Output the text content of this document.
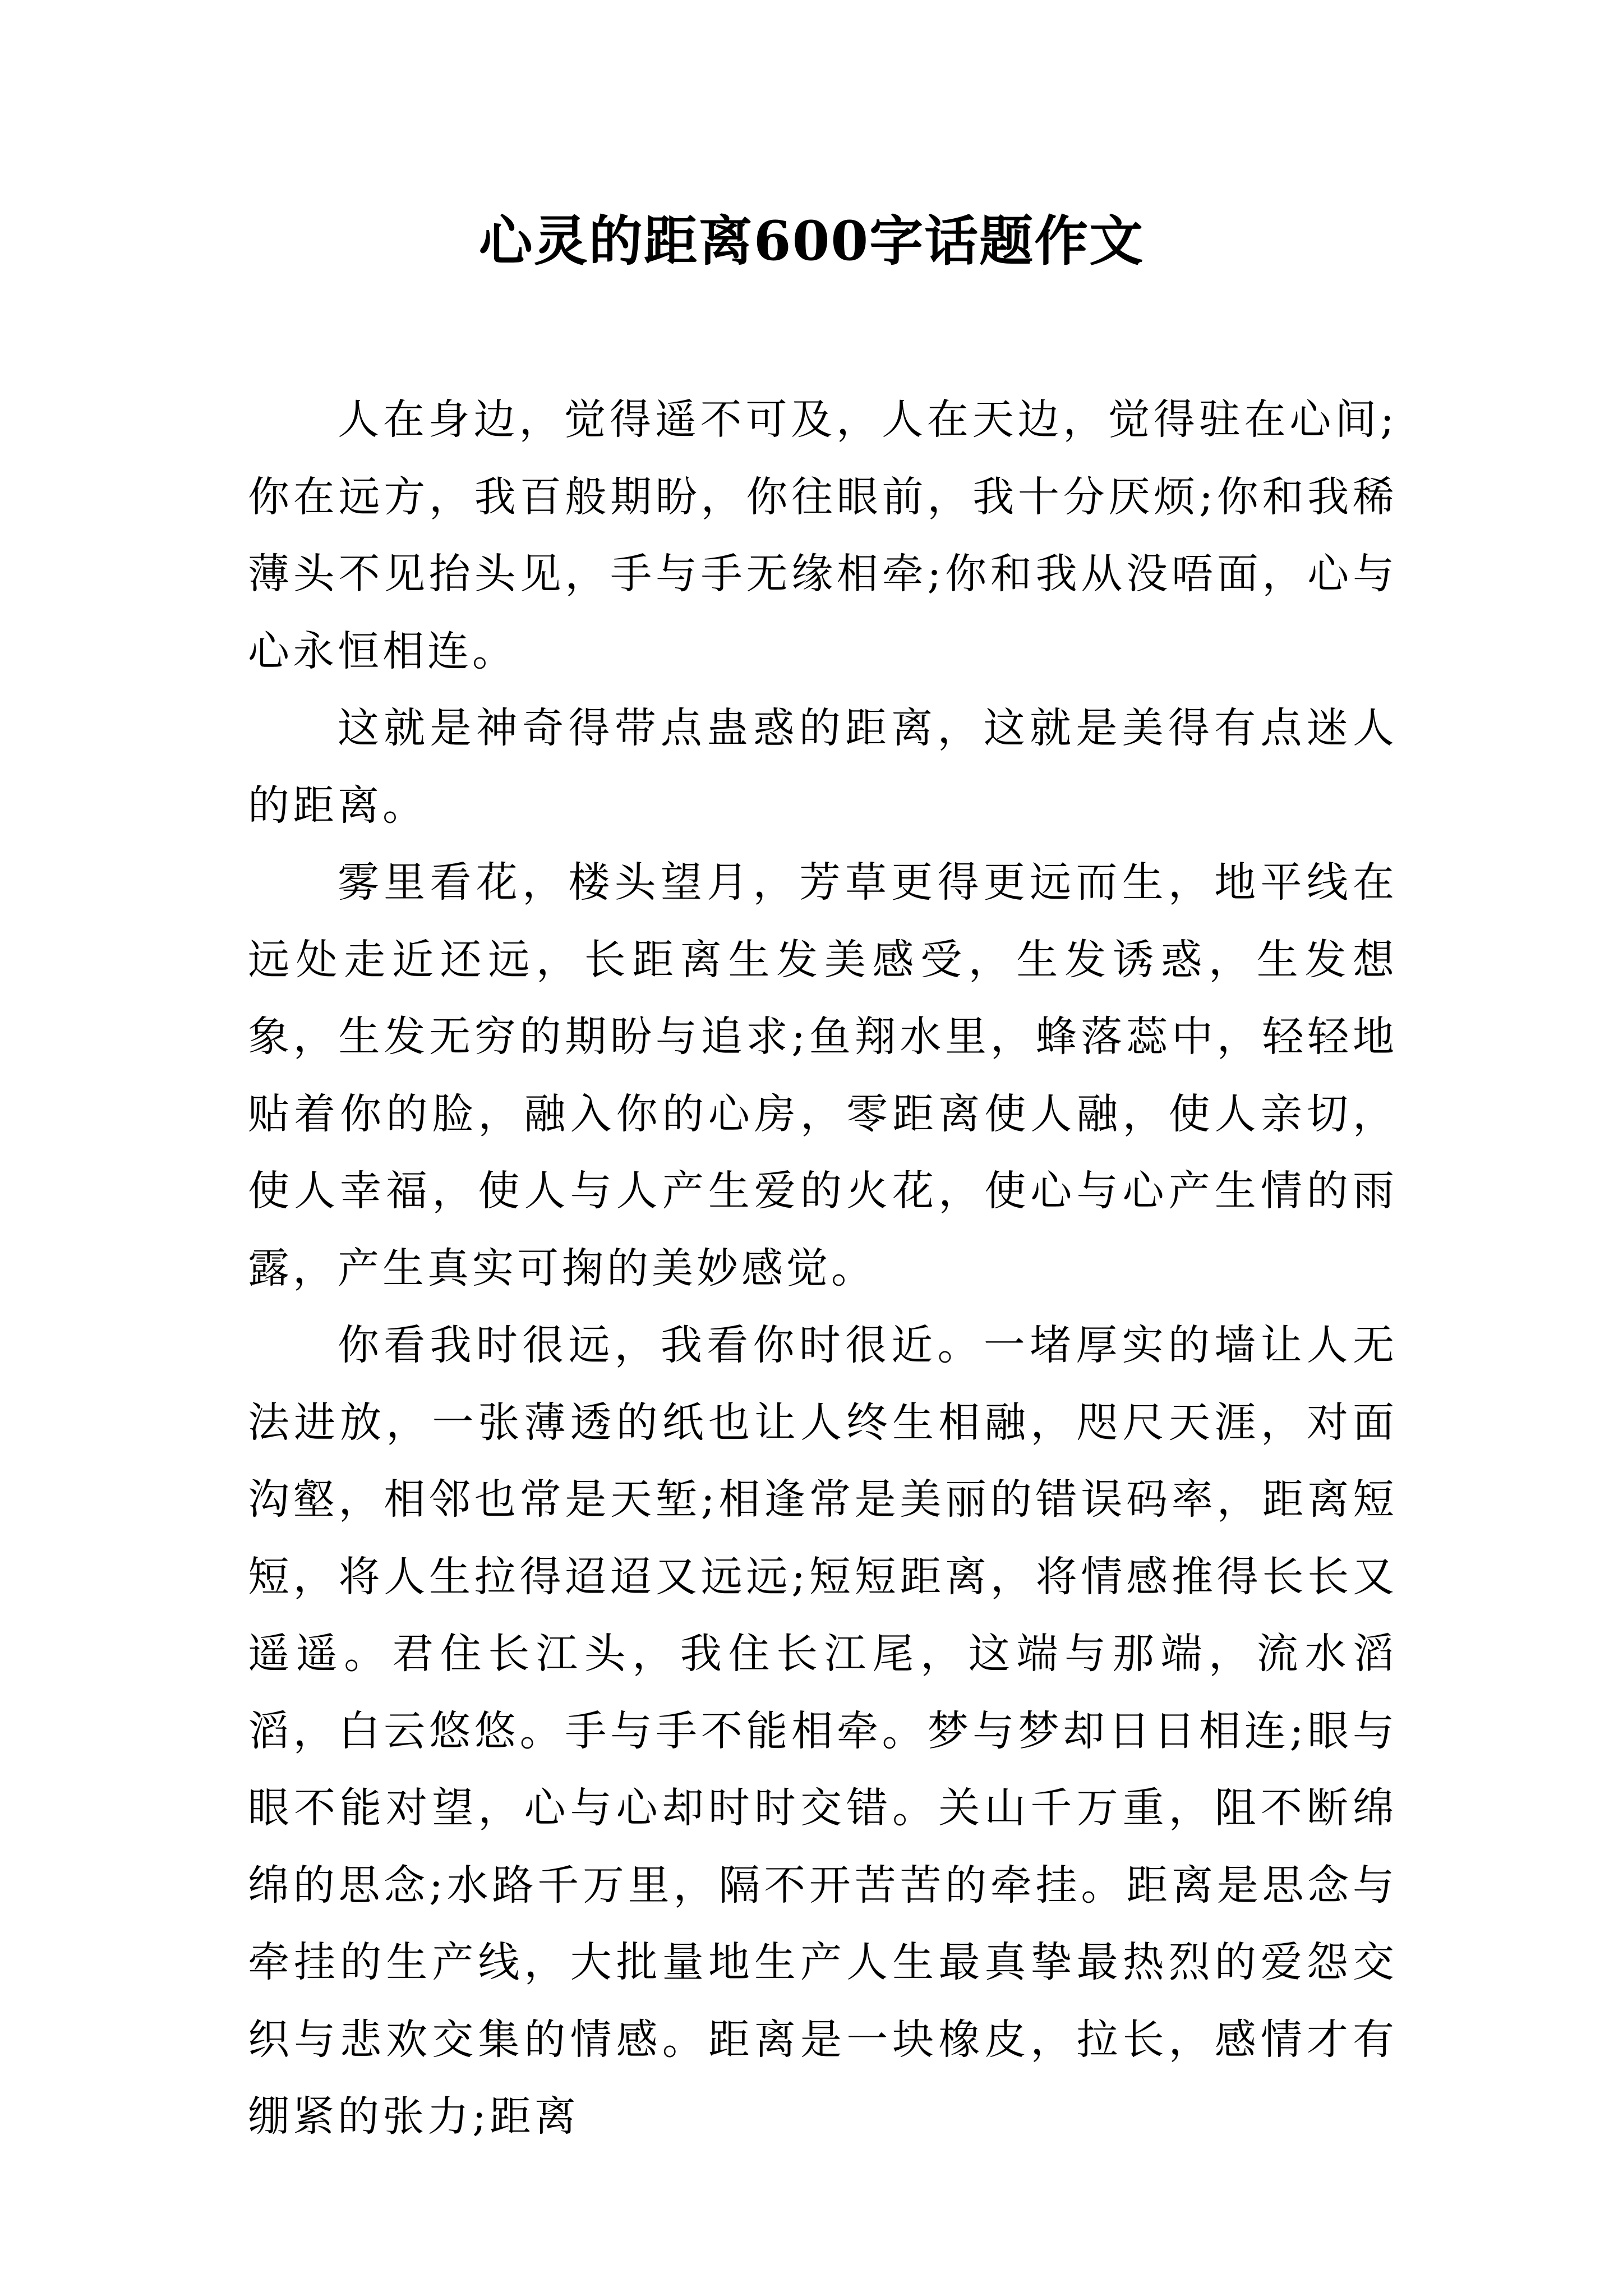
心灵的距离600字话题作文

人在身边，觉得遥不可及，人在天边，觉得驻在心间;你在远方，我百般期盼，你往眼前，我十分厌烦;你和我稀薄头不见抬头见，手与手无缘相牵;你和我从没唔面，心与心永恒相连。

这就是神奇得带点蛊惑的距离，这就是美得有点迷人的距离。

雾里看花，楼头望月，芳草更得更远而生，地平线在远处走近还远，长距离生发美感受，生发诱惑，生发想象，生发无穷的期盼与追求;鱼翔水里，蜂落蕊中，轻轻地贴着你的脸，融入你的心房，零距离使人融，使人亲切，使人幸福，使人与人产生爱的火花，使心与心产生情的雨露，产生真实可掬的美妙感觉。

你看我时很远，我看你时很近。一堵厚实的墙让人无法进放，一张薄透的纸也让人终生相融，咫尺天涯，对面沟壑，相邻也常是天堑;相逢常是美丽的错误码率，距离短短，将人生拉得迢迢又远远;短短距离，将情感推得长长又遥遥。君住长江头，我住长江尾，这端与那端，流水滔滔，白云悠悠。手与手不能相牵。梦与梦却日日相连;眼与眼不能对望，心与心却时时交错。关山千万重，阻不断绵绵的思念;水路千万里，隔不开苦苦的牵挂。距离是思念与牵挂的生产线，大批量地生产人生最真挚最热烈的爱怨交织与悲欢交集的情感。距离是一块橡皮，拉长，感情才有绷紧的张力;距离
